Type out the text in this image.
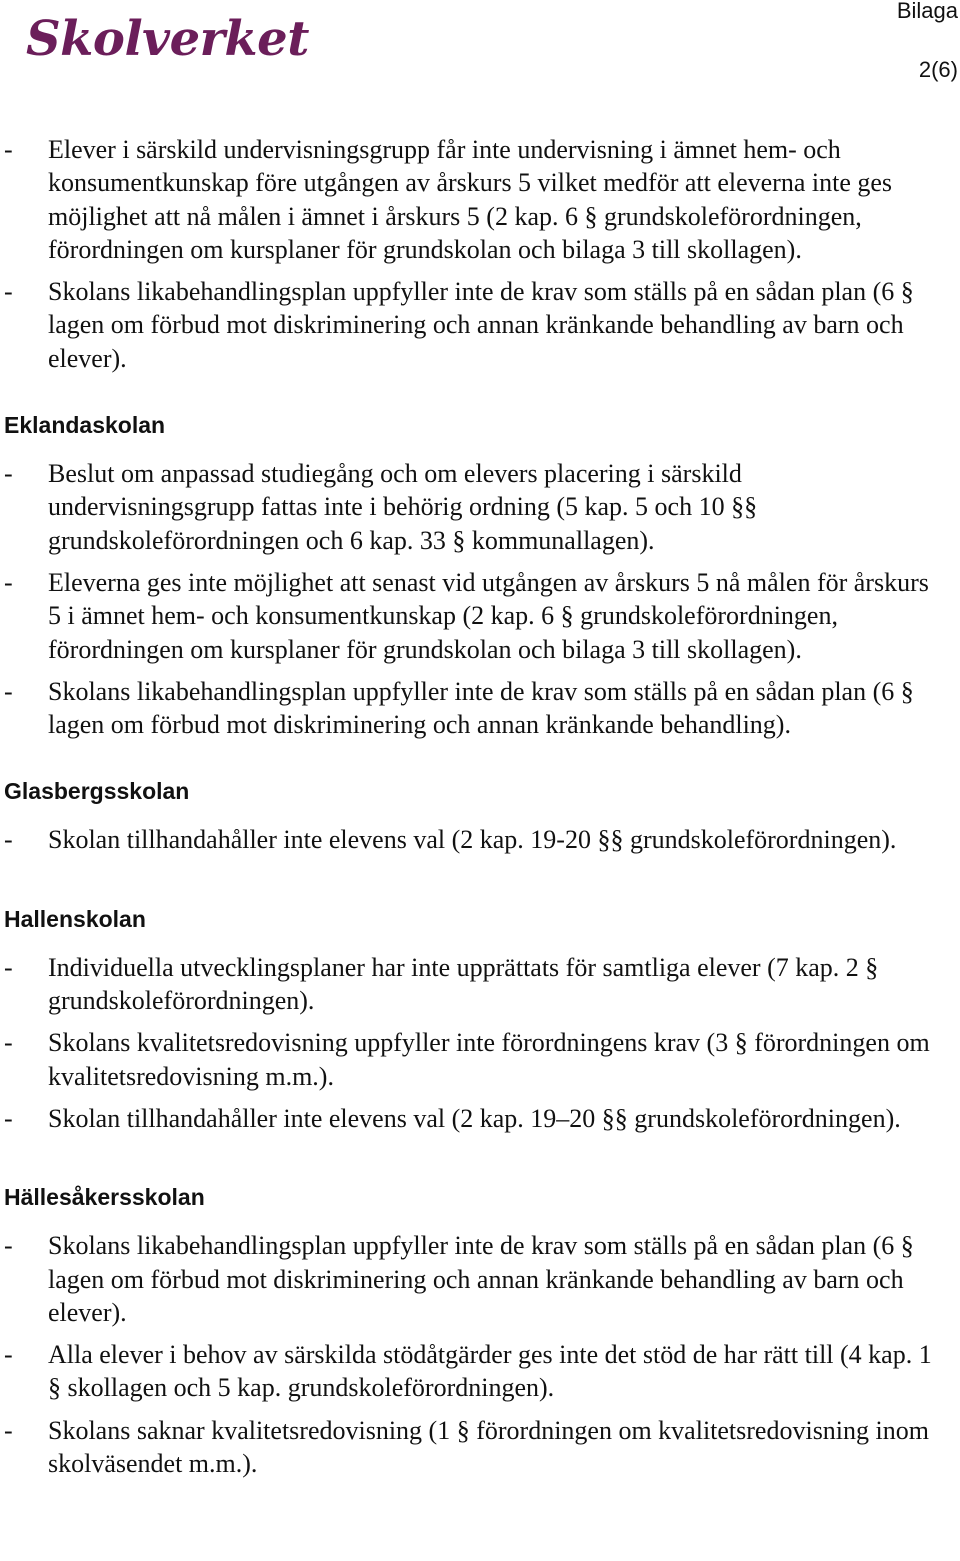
Skolverket
Bilaga
2(6)
- Elever i särskild undervisningsgrupp får inte undervisning i ämnet hem- och konsumentkunskap före utgången av årskurs 5 vilket medför att eleverna inte ges möjlighet att nå målen i ämnet i årskurs 5 (2 kap. 6 § grundskoleförordningen, förordningen om kursplaner för grundskolan och bilaga 3 till skollagen).
- Skolans likabehandlingsplan uppfyller inte de krav som ställs på en sådan plan (6 § lagen om förbud mot diskriminering och annan kränkande behandling av barn och elever).
Eklandaskolan
- Beslut om anpassad studiegång och om elevers placering i särskild undervisningsgrupp fattas inte i behörig ordning (5 kap. 5 och 10 §§ grundskoleförordningen och 6 kap. 33 § kommunallagen).
- Eleverna ges inte möjlighet att senast vid utgången av årskurs 5 nå målen för årskurs 5 i ämnet hem- och konsumentkunskap (2 kap. 6 § grundskoleförordningen, förordningen om kursplaner för grundskolan och bilaga 3 till skollagen).
- Skolans likabehandlingsplan uppfyller inte de krav som ställs på en sådan plan (6 § lagen om förbud mot diskriminering och annan kränkande behandling).
Glasbergsskolan
- Skolan tillhandahåller inte elevens val (2 kap. 19-20 §§ grundskoleförordningen).
Hallenskolan
- Individuella utvecklingsplaner har inte upprättats för samtliga elever (7 kap. 2 § grundskoleförordningen).
- Skolans kvalitetsredovisning uppfyller inte förordningens krav (3 § förordningen om kvalitetsredovisning m.m.).
- Skolan tillhandahåller inte elevens val (2 kap. 19–20 §§ grundskoleförordningen).
Hällesåkersskolan
- Skolans likabehandlingsplan uppfyller inte de krav som ställs på en sådan plan (6 § lagen om förbud mot diskriminering och annan kränkande behandling av barn och elever).
- Alla elever i behov av särskilda stödåtgärder ges inte det stöd de har rätt till (4 kap. 1 § skollagen och 5 kap. grundskoleförordningen).
- Skolans saknar kvalitetsredovisning (1 § förordningen om kvalitetsredovisning inom skolväsendet m.m.).
